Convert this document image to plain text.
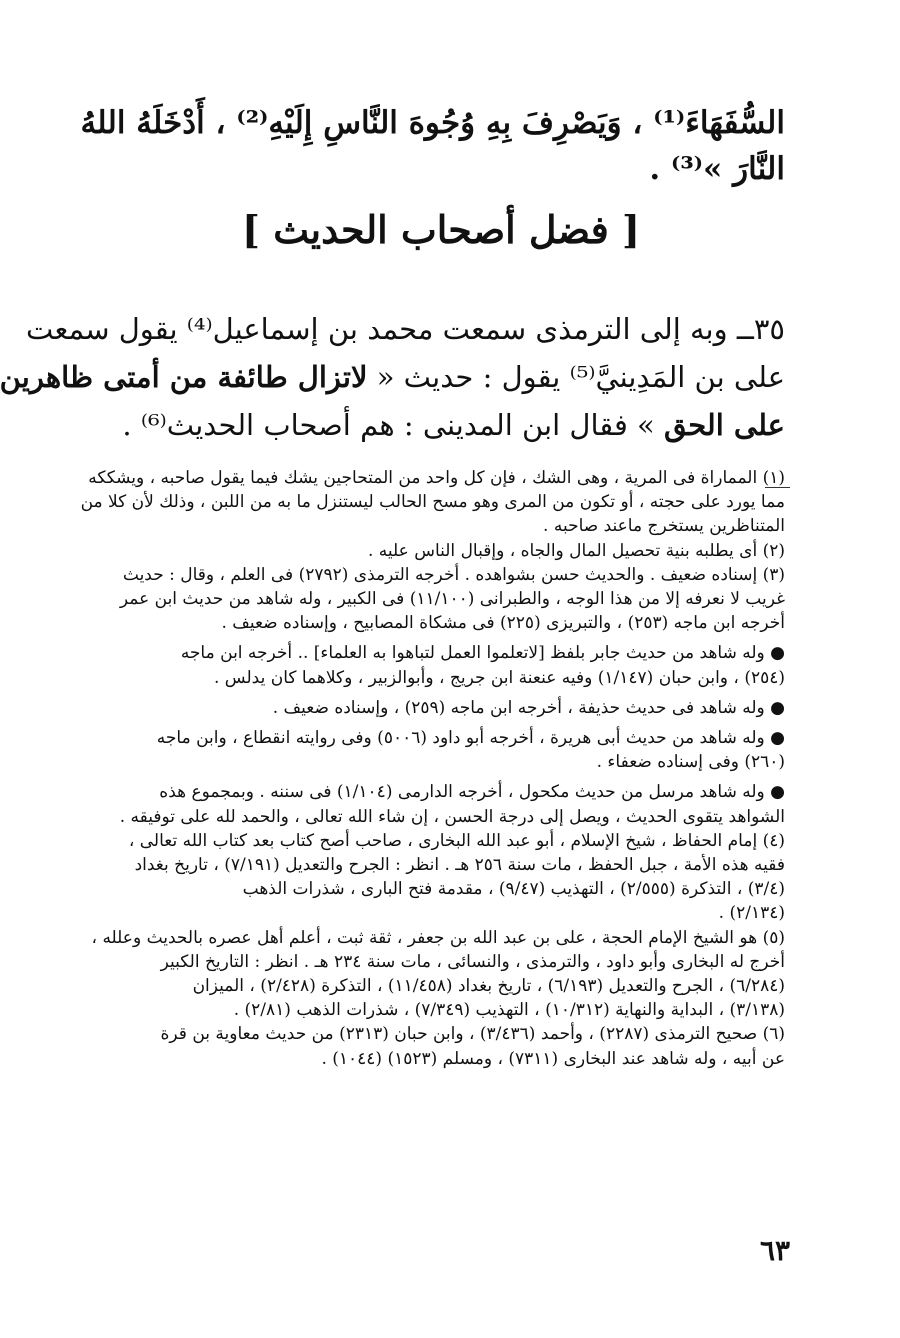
السُّفَهَاءَ⁽¹⁾ ، وَيَصْرِفَ بِهِ وُجُوهَ النَّاسِ إِلَيْهِ⁽²⁾ ، أَدْخَلَهُ اللهُ
النَّارَ »⁽³⁾ .
[ فضل أصحاب الحديث ]
٣٥ــ وبه إلى الترمذى سمعت محمد بن إسماعيل⁽⁴⁾ يقول سمعت
على بن المَدِينيَّ⁽⁵⁾ يقول : حديث « لاتزال طائفة من أمتى ظاهرين
على الحق » فقال ابن المدينى : هم أصحاب الحديث⁽⁶⁾ .
(١) المماراة فى المرية ، وهى الشك ، فإن كل واحد من المتحاجين يشك فيما يقول صاحبه ، ويشككه
مما يورد على حجته ، أو تكون من المرى وهو مسح الحالب ليستنزل ما به من اللبن ، وذلك لأن كلا من
المتناظرين يستخرج ماعند صاحبه .
(٢) أى يطلبه بنية تحصيل المال والجاه ، وإقبال الناس عليه .
(٣) إسناده ضعيف . والحديث حسن بشواهده . أخرجه الترمذى (٢٧٩٢) فى العلم ، وقال : حديث
غريب لا نعرفه إلا من هذا الوجه ، والطبرانى (١١/١٠٠) فى الكبير ، وله شاهد من حديث ابن عمر
أخرجه ابن ماجه (٢٥٣) ، والتبريزى (٢٢٥) فى مشكاة المصابيح ، وإسناده ضعيف .
● وله شاهد من حديث جابر بلفظ [لاتعلموا العمل لتباهوا به العلماء] .. أخرجه ابن ماجه
(٢٥٤) ، وابن حبان (١/١٤٧) وفيه عنعنة ابن جريج ، وأبوالزبير ، وكلاهما كان يدلس .
● وله شاهد فى حديث حذيفة ، أخرجه ابن ماجه (٢٥٩) ، وإسناده ضعيف .
● وله شاهد من حديث أبى هريرة ، أخرجه أبو داود (٥٠٠٦) وفى روايته انقطاع ، وابن ماجه
(٢٦٠) وفى إسناده ضعفاء .
● وله شاهد مرسل من حديث مكحول ، أخرجه الدارمى (١/١٠٤) فى سننه . وبمجموع هذه
الشواهد يتقوى الحديث ، ويصل إلى درجة الحسن ، إن شاء الله تعالى ، والحمد لله على توفيقه .
(٤) إمام الحفاظ ، شيخ الإسلام ، أبو عبد الله البخارى ، صاحب أصح كتاب بعد كتاب الله تعالى ،
فقيه هذه الأمة ، جبل الحفظ ، مات سنة ٢٥٦ هـ . انظر : الجرح والتعديل (٧/١٩١) ، تاريخ بغداد
(٣/٤) ، التذكرة (٢/٥٥٥) ، التهذيب (٩/٤٧) ، مقدمة فتح البارى ، شذرات الذهب
(٢/١٣٤) .
(٥) هو الشيخ الإمام الحجة ، على بن عبد الله بن جعفر ، ثقة ثبت ، أعلم أهل عصره بالحديث وعلله ،
أخرج له البخارى وأبو داود ، والترمذى ، والنسائى ، مات سنة ٢٣٤ هـ . انظر : التاريخ الكبير
(٦/٢٨٤) ، الجرح والتعديل (٦/١٩٣) ، تاريخ بغداد (١١/٤٥٨) ، التذكرة (٢/٤٢٨) ، الميزان
(٣/١٣٨) ، البداية والنهاية (١٠/٣١٢) ، التهذيب (٧/٣٤٩) ، شذرات الذهب (٢/٨١) .
(٦) صحيح الترمذى (٢٢٨٧) ، وأحمد (٣/٤٣٦) ، وابن حبان (٢٣١٣) من حديث معاوية بن قرة
عن أبيه ، وله شاهد عند البخارى (٧٣١١) ، ومسلم (١٥٢٣) (١٠٤٤) .
٦٣
